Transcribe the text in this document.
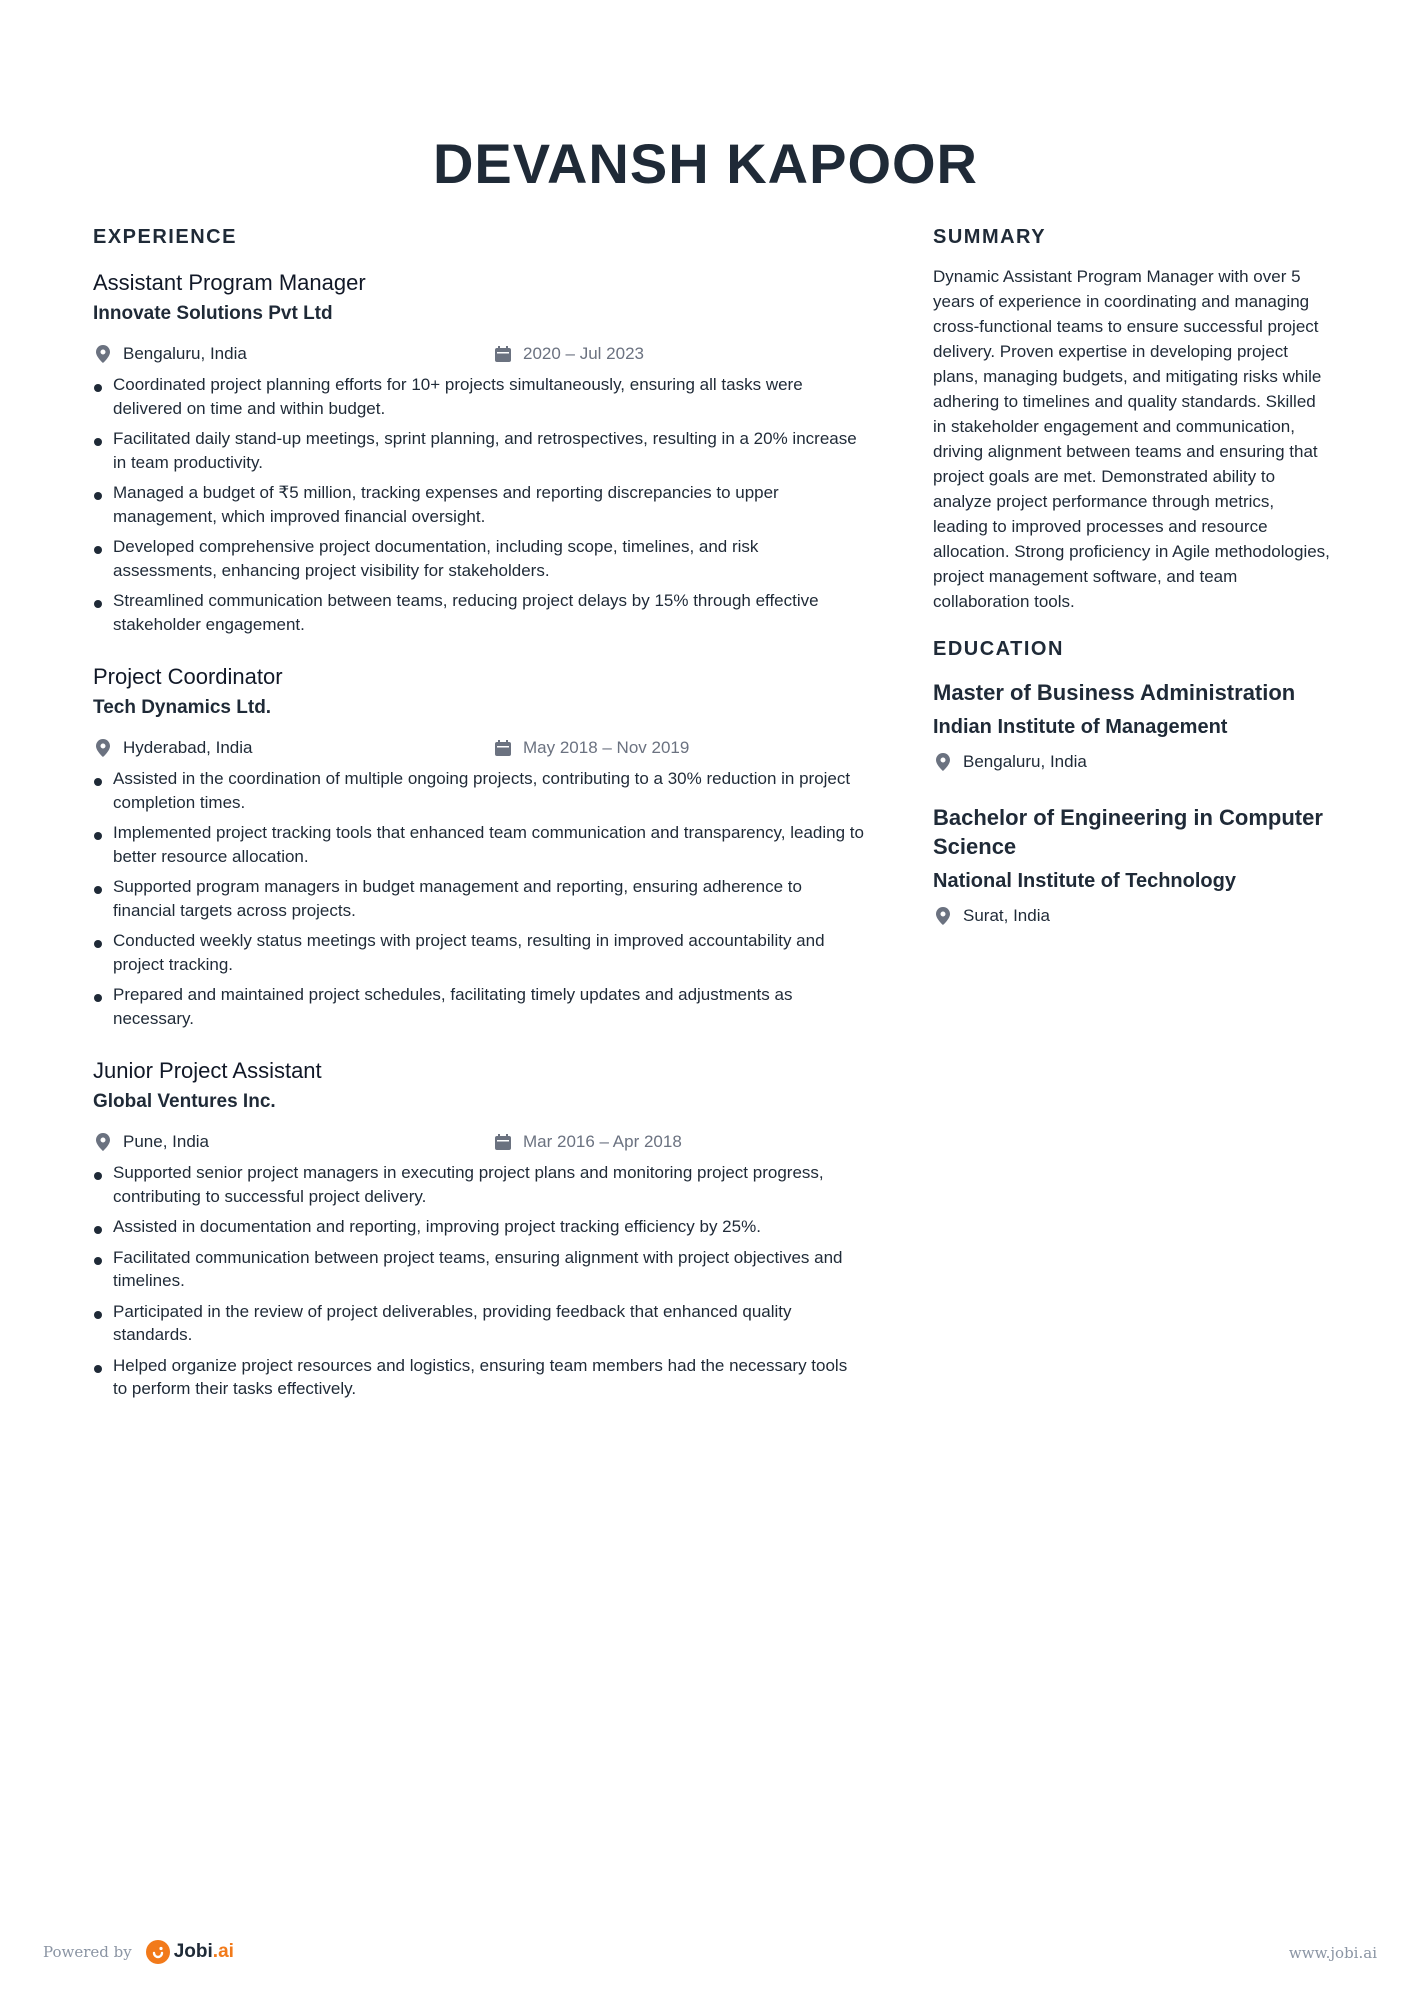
DEVANSH KAPOOR
EXPERIENCE
Assistant Program Manager
Innovate Solutions Pvt Ltd
Bengaluru, India	2020 – Jul 2023
Coordinated project planning efforts for 10+ projects simultaneously, ensuring all tasks were delivered on time and within budget.
Facilitated daily stand-up meetings, sprint planning, and retrospectives, resulting in a 20% increase in team productivity.
Managed a budget of ₹5 million, tracking expenses and reporting discrepancies to upper management, which improved financial oversight.
Developed comprehensive project documentation, including scope, timelines, and risk assessments, enhancing project visibility for stakeholders.
Streamlined communication between teams, reducing project delays by 15% through effective stakeholder engagement.
Project Coordinator
Tech Dynamics Ltd.
Hyderabad, India	May 2018 – Nov 2019
Assisted in the coordination of multiple ongoing projects, contributing to a 30% reduction in project completion times.
Implemented project tracking tools that enhanced team communication and transparency, leading to better resource allocation.
Supported program managers in budget management and reporting, ensuring adherence to financial targets across projects.
Conducted weekly status meetings with project teams, resulting in improved accountability and project tracking.
Prepared and maintained project schedules, facilitating timely updates and adjustments as necessary.
Junior Project Assistant
Global Ventures Inc.
Pune, India	Mar 2016 – Apr 2018
Supported senior project managers in executing project plans and monitoring project progress, contributing to successful project delivery.
Assisted in documentation and reporting, improving project tracking efficiency by 25%.
Facilitated communication between project teams, ensuring alignment with project objectives and timelines.
Participated in the review of project deliverables, providing feedback that enhanced quality standards.
Helped organize project resources and logistics, ensuring team members had the necessary tools to perform their tasks effectively.
SUMMARY

Dynamic Assistant Program Manager with over 5 years of experience in coordinating and managing cross-functional teams to ensure successful project delivery. Proven expertise in developing project plans, managing budgets, and mitigating risks while adhering to timelines and quality standards. Skilled in stakeholder engagement and communication, driving alignment between teams and ensuring that project goals are met. Demonstrated ability to analyze project performance through metrics, leading to improved processes and resource allocation. Strong proficiency in Agile methodologies, project management software, and team collaboration tools.

EDUCATION
Master of Business Administration
Indian Institute of Management
Bengaluru, India
Bachelor of Engineering in Computer Science
National Institute of Technology
Surat, India
Powered by Jobi .ai	www.jobi.ai
